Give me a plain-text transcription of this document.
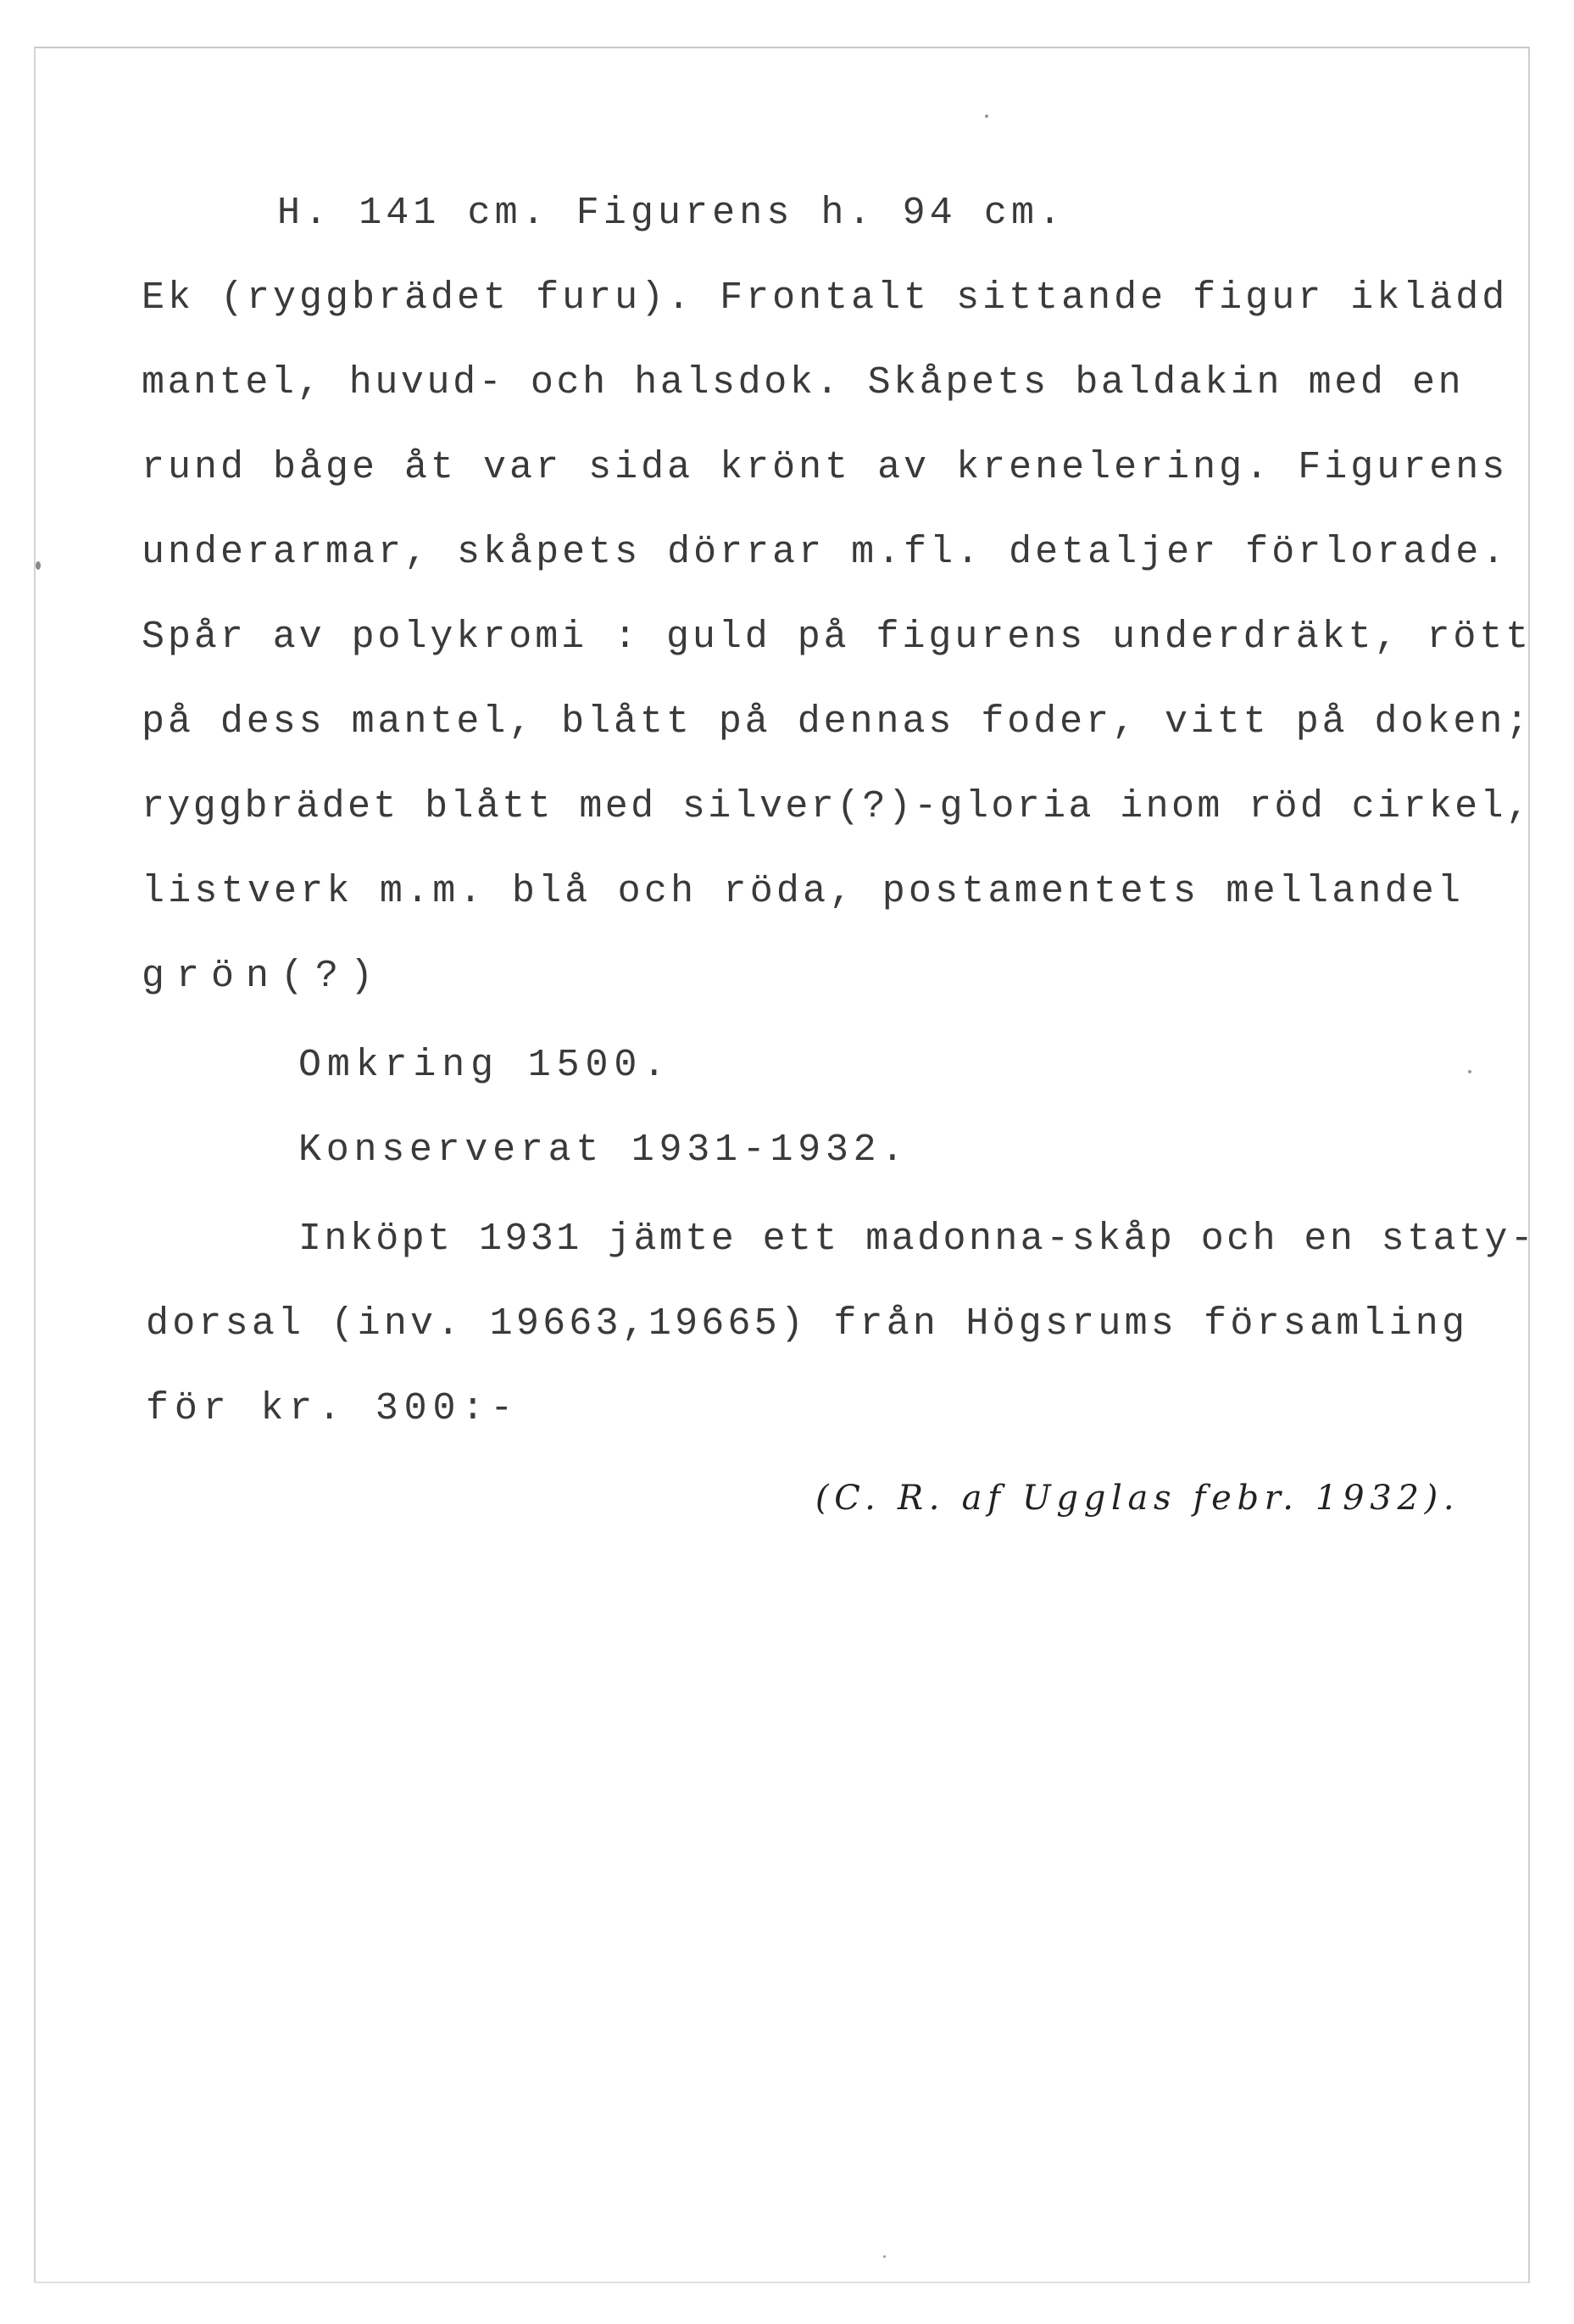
H. 141 cm. Figurens h. 94 cm.
Ek (ryggbrädet furu). Frontalt sittande figur iklädd
mantel, huvud- och halsdok. Skåpets baldakin med en
rund båge åt var sida krönt av krenelering. Figurens
underarmar, skåpets dörrar m.fl. detaljer förlorade.
Spår av polykromi : guld på figurens underdräkt, rött
på dess mantel, blått på dennas foder, vitt på doken;
ryggbrädet blått med silver(?)-gloria inom röd cirkel,
listverk m.m. blå och röda, postamentets mellandel
grön(?)
Omkring 1500.
Konserverat 1931-1932.
Inköpt 1931 jämte ett madonna-skåp och en staty-
dorsal (inv. 19663,19665) från Högsrums församling
för kr. 300:-
(C. R. af Ugglas febr. 1932).
